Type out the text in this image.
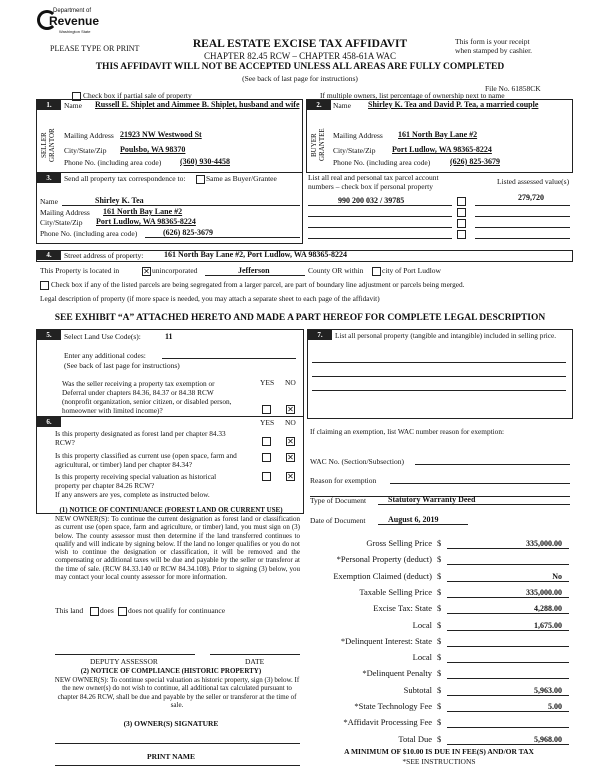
Department of
Revenue
Washington State
PLEASE TYPE OR PRINT	REAL ESTATE EXCISE TAX AFFIDAVIT
CHAPTER 82.45 RCW – CHAPTER 458-61A WAC
This form is your receipt
when stamped by cashier.
THIS AFFIDAVIT WILL NOT BE ACCEPTED UNLESS ALL AREAS ARE FULLY COMPLETED
(See back of last page for instructions)
File No. 61858CK
Check box if partial sale of property	If multiple owners, list percentage of ownership next to name
1.
SELLER GRANTOR
Name Russell E. Shiplet and Aimmee B. Shiplet, husband and wife
Mailing Address 21923 NW Westwood St
City/State/Zip Poulsbo, WA 98370
Phone No. (including area code) (360) 930-4458
2.
BUYER GRANTEE
Name Shirley K. Tea and David P. Tea, a married couple
Mailing Address 161 North Bay Lane #2
City/State/Zip Port Ludlow, WA 98365-8224
Phone No. (including area code) (626) 825-3679
3.	Send all property tax correspondence to:	Same as Buyer/Grantee
Name	Shirley K. Tea
Mailing Address 161 North Bay Lane #2
City/State/Zip Port Ludlow, WA 98365-8224
Phone No. (including area code)	(626) 825-3679
List all real and personal tax parcel account
numbers – check box if personal property
Listed assessed value(s)
990 200 032 / 39785	279,720
4.	Street address of property:	161 North Bay Lane #2, Port Ludlow, WA 98365-8224
This Property is located in	✕ unincorporated	Jefferson	County OR within city of Port Ludlow
Check box if any of the listed parcels are being segregated from a larger parcel, are part of boundary line adjustment or parcels being merged.
Legal description of property (if more space is needed, you may attach a separate sheet to each page of the affidavit)
SEE EXHIBIT “A” ATTACHED HERETO AND MADE A PART HEREOF FOR COMPLETE LEGAL DESCRIPTION
5.	Select Land Use Code(s):	11
Enter any additional codes:
(See back of last page for instructions)
YES NO
Was the seller receiving a property tax exemption or
Deferral under chapters 84.36, 84.37 or 84.38 RCW
(nonprofit organization, senior citizen, or disabled person,
homeowner with limited income)?	✕
6.	YES NO
Is this property designated as forest land per chapter 84.33
RCW?	✕
Is this property classified as current use (open space, farm and
agricultural, or timber) land per chapter 84.34?
✕
Is this property receiving special valuation as historical
property per chapter 84.26 RCW?
✕
If any answers are yes, complete as instructed below.
(1) NOTICE OF CONTINUANCE (FOREST LAND OR CURRENT USE)
NEW OWNER(S): To continue the current designation as forest land or classification as current use (open space, farm and agriculture, or timber) land, you must sign on (3) below. The county assessor must then determine if the land transferred continues to qualify and will indicate by signing below. If the land no longer qualifies or you do not wish to continue the designation or classification, it will be removed and the compensating or additional taxes will be due and payable by the seller or transferor at the time of sale. (RCW 84.33.140 or RCW 84.34.108). Prior to signing (3) below, you may contact your local county assessor for more information.
This land does does not qualify for continuance
DEPUTY ASSESSOR	DATE
(2) NOTICE OF COMPLIANCE (HISTORIC PROPERTY)
NEW OWNER(S): To continue special valuation as historic property, sign (3) below. If the new owner(s) do not wish to continue, all additional tax calculated pursuant to chapter 84.26 RCW, shall be due and payable by the seller or transferor at the time of sale.
(3) OWNER(S) SIGNATURE
PRINT NAME
7.	List all personal property (tangible and intangible) included in selling price.
If claiming an exemption, list WAC number reason for exemption:
WAC No. (Section/Subsection)
Reason for exemption
Type of Document	Statutory Warranty Deed
Date of Document	August 6, 2019
Gross Selling Price $	335,000.00
*Personal Property (deduct) $
Exemption Claimed (deduct) $	No
Taxable Selling Price $	335,000.00
Excise Tax: State $	4,288.00
Local $	1,675.00
*Delinquent Interest: State $
Local $
*Delinquent Penalty $
Subtotal $	5,963.00
*State Technology Fee $	5.00
*Affidavit Processing Fee $
Total Due $	5,968.00
A MINIMUM OF $10.00 IS DUE IN FEE(S) AND/OR TAX
*SEE INSTRUCTIONS
